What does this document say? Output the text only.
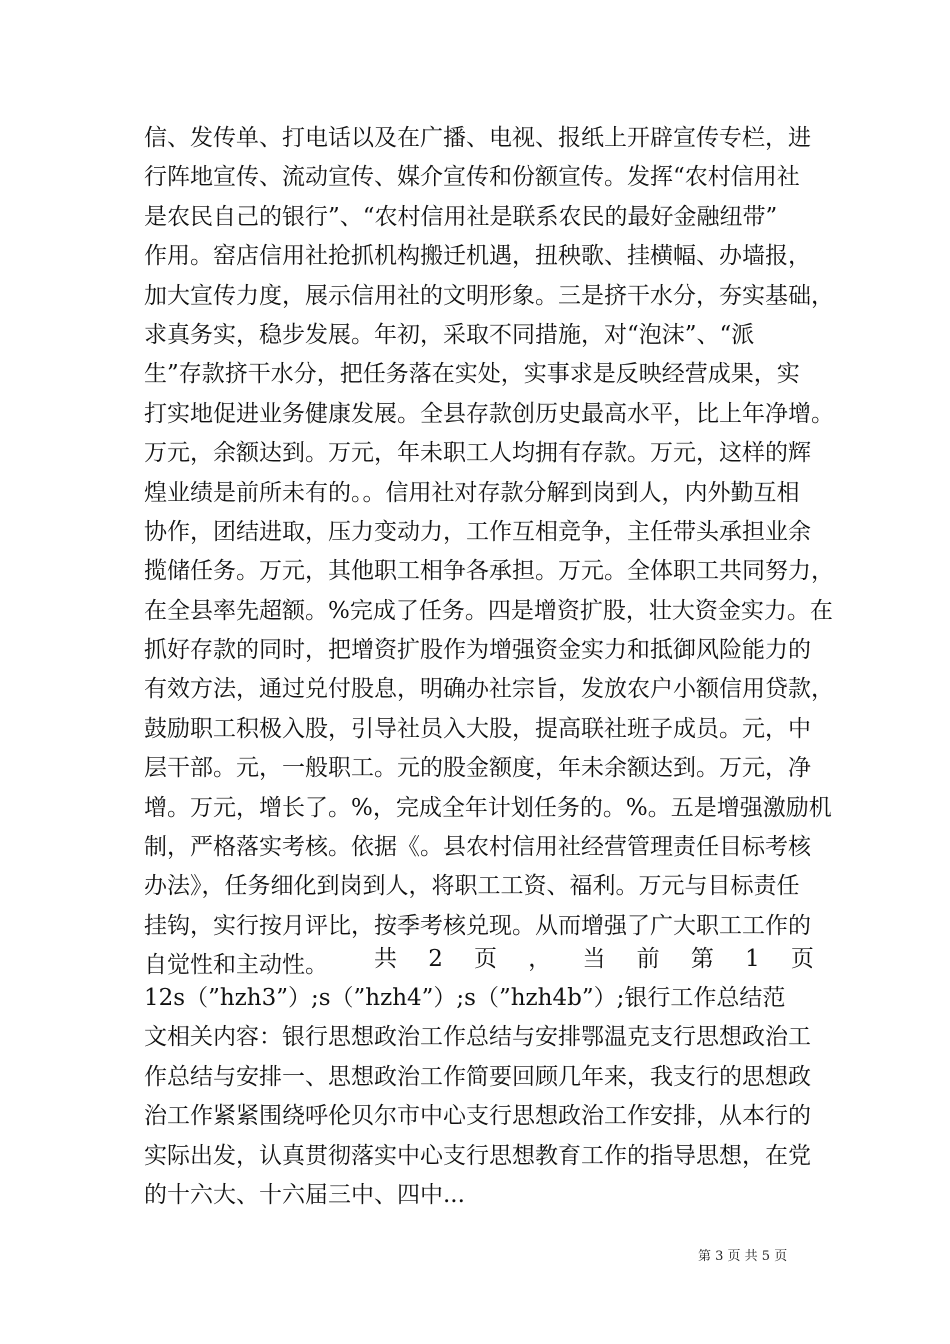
信、发传单、打电话以及在广播、电视、报纸上开辟宣传专栏，进
行阵地宣传、流动宣传、媒介宣传和份额宣传。发挥“农村信用社
是农民自己的银行”、“农村信用社是联系农民的最好金融纽带”
作用。窑店信用社抢抓机构搬迁机遇，扭秧歌、挂横幅、办墙报，
加大宣传力度，展示信用社的文明形象。三是挤干水分，夯实基础，
求真务实，稳步发展。年初，采取不同措施，对“泡沫”、“派
生”存款挤干水分，把任务落在实处，实事求是反映经营成果，实
打实地促进业务健康发展。全县存款创历史最高水平，比上年净增。
万元，余额达到。万元，年未职工人均拥有存款。万元，这样的辉
煌业绩是前所未有的。。信用社对存款分解到岗到人，内外勤互相
协作，团结进取，压力变动力，工作互相竞争，主任带头承担业余
揽储任务。万元，其他职工相争各承担。万元。全体职工共同努力，
在全县率先超额。%完成了任务。四是增资扩股，壮大资金实力。在
抓好存款的同时，把增资扩股作为增强资金实力和抵御风险能力的
有效方法，通过兑付股息，明确办社宗旨，发放农户小额信用贷款，
鼓励职工积极入股，引导社员入大股，提高联社班子成员。元，中
层干部。元，一般职工。元的股金额度，年未余额达到。万元，净
增。万元，增长了。%，完成全年计划任务的。%。五是增强激励机
制，严格落实考核。依据《。县农村信用社经营管理责任目标考核
办法》，任务细化到岗到人，将职工工资、福利。万元与目标责任
挂钩，实行按月评比，按季考核兑现。从而增强了广大职工工作的
自觉性和主动性。	共 2 页 ， 当 前 第 1 页
12s（”hzh3”）;s（”hzh4”）;s（”hzh4b”）;银行工作总结范
文相关内容：银行思想政治工作总结与安排鄂温克支行思想政治工
作总结与安排一、思想政治工作简要回顾几年来，我支行的思想政
治工作紧紧围绕呼伦贝尔市中心支行思想政治工作安排，从本行的
实际出发，认真贯彻落实中心支行思想教育工作的指导思想，在党
的十六大、十六届三中、四中...
第 3 页 共 5 页
